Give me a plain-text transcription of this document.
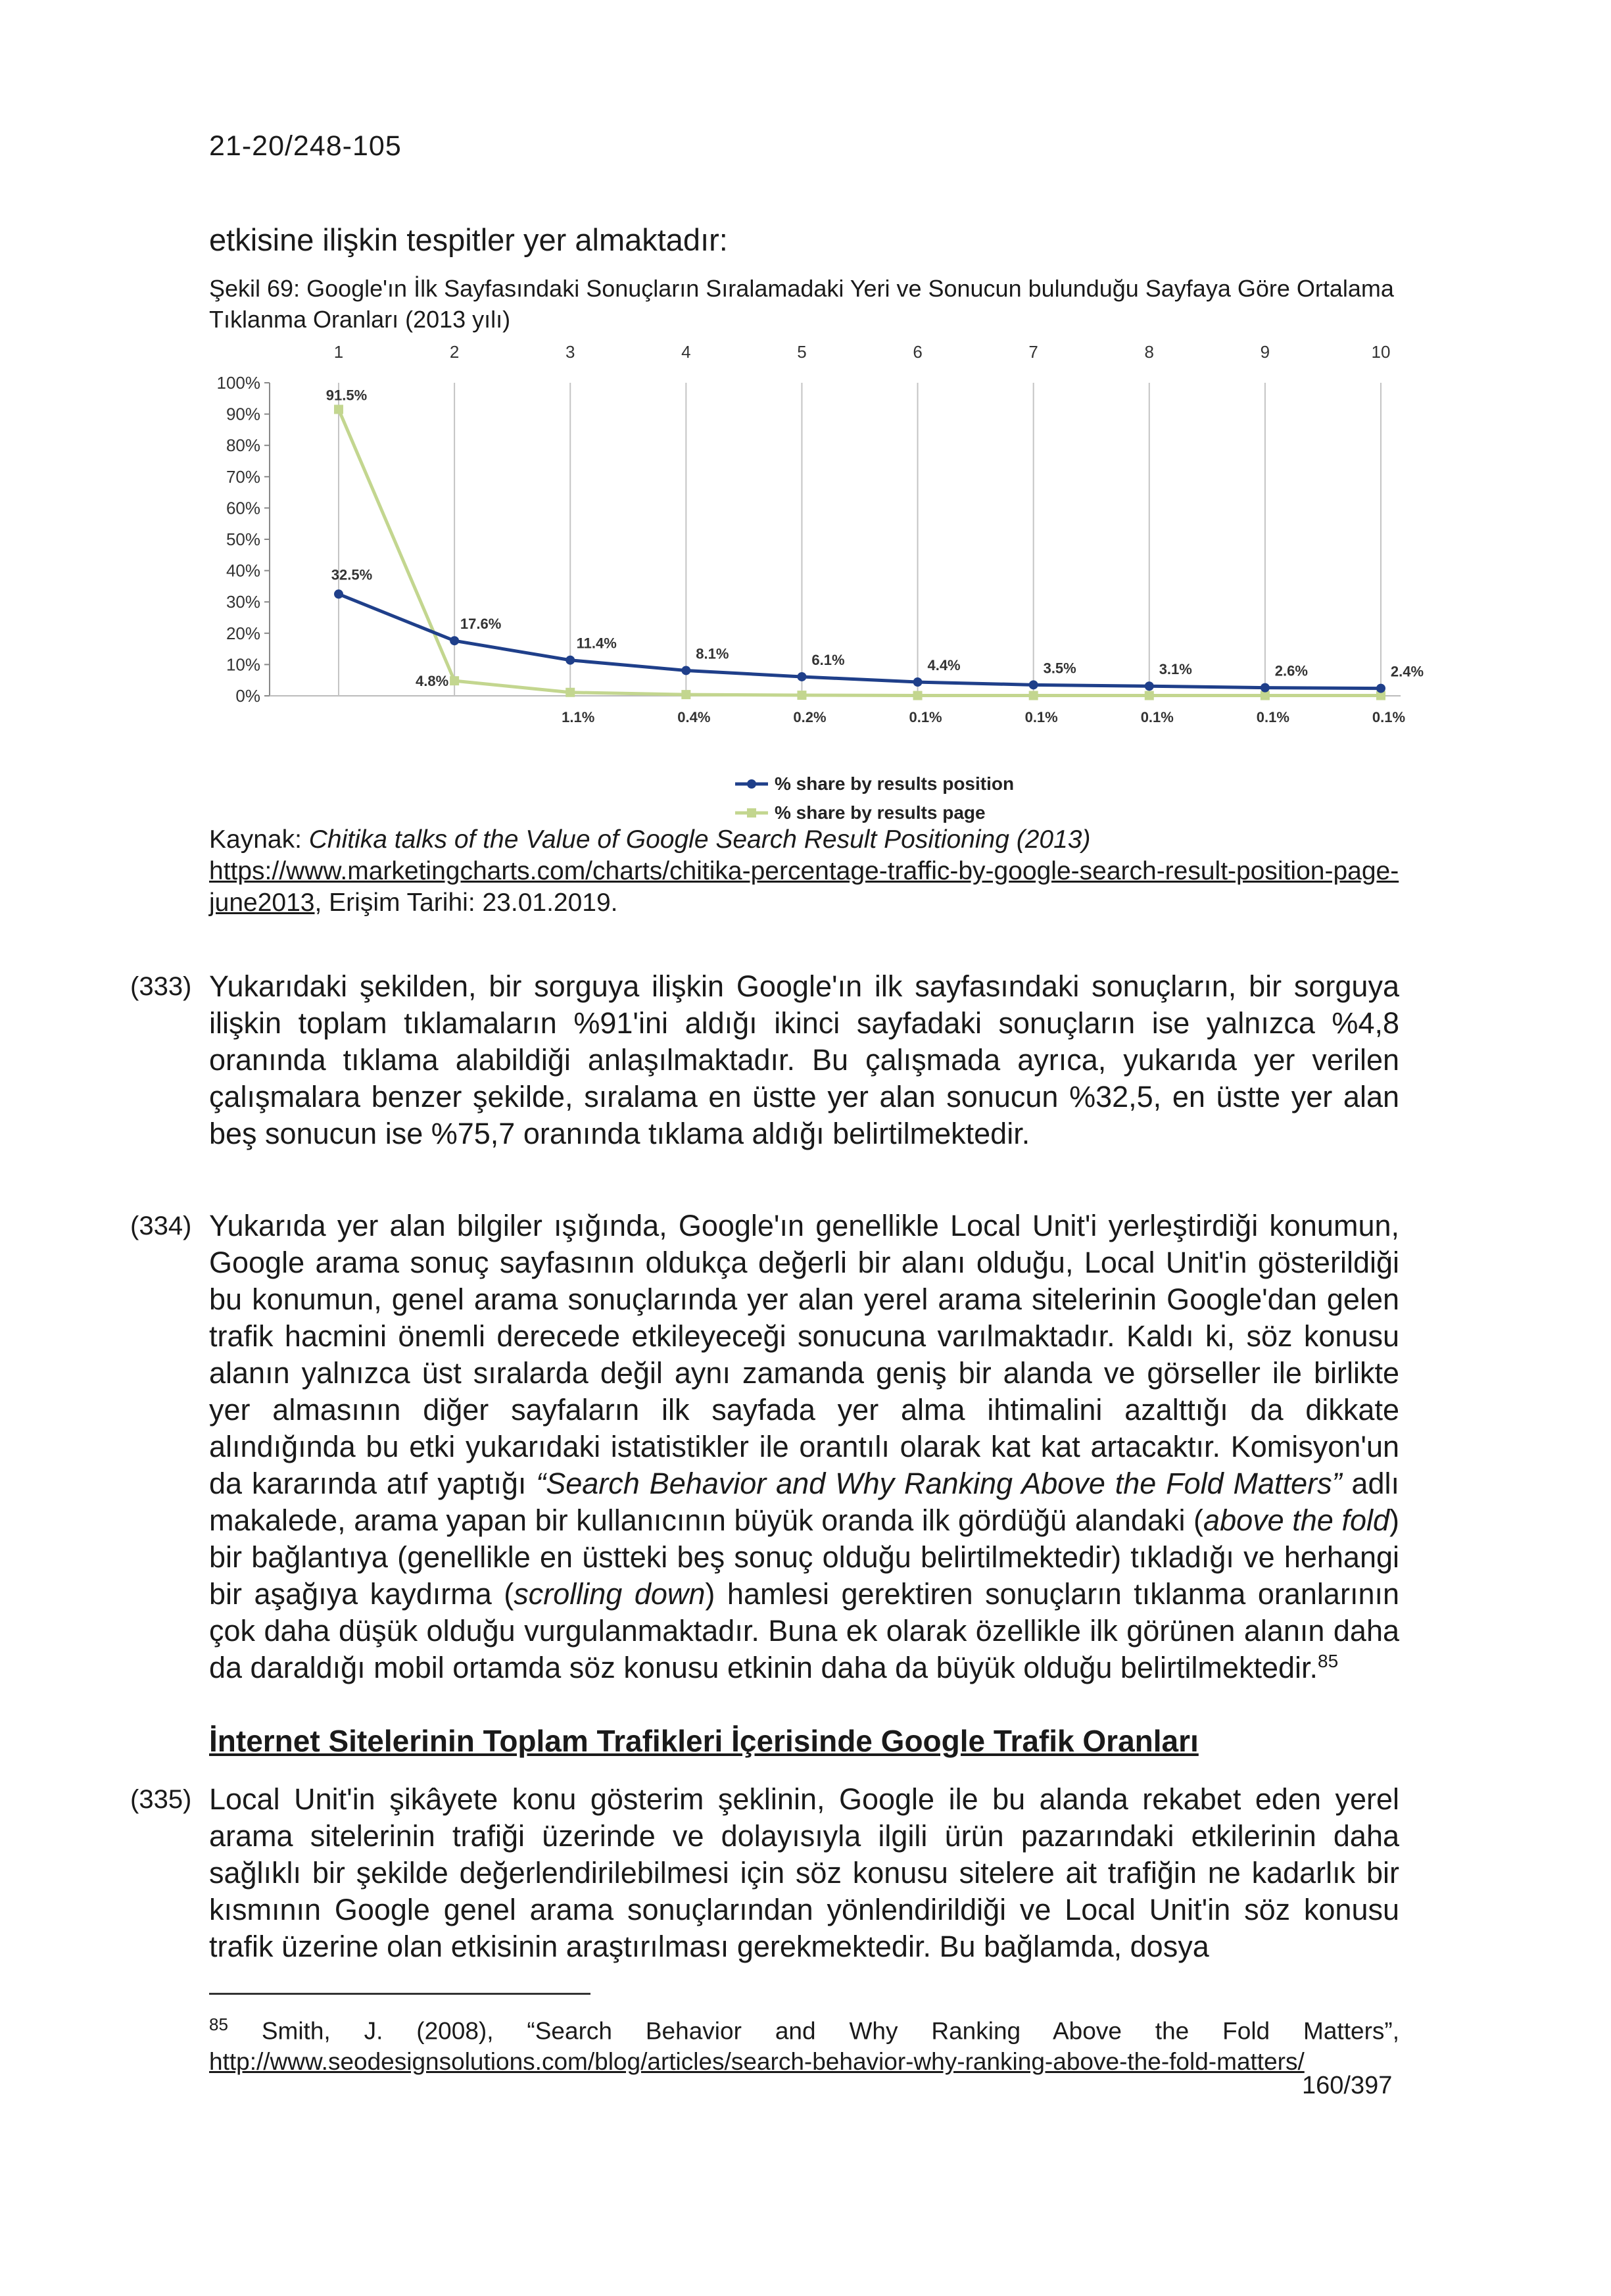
21-20/248-105
etkisine ilişkin tespitler yer almaktadır:
Şekil 69: Google'ın İlk Sayfasındaki Sonuçların Sıralamadaki Yeri ve Sonucun bulunduğu Sayfaya Göre Ortalama Tıklanma Oranları (2013 yılı)
0%
10%
20%
30%
40%
50%
60%
70%
80%
90%
100%
1	2	3	4	5	6	7	8	9	10
91.5%
4.8%
1.1%	0.4%	0.2%	0.1%	0.1%	0.1%	0.1%	0.1%
32.5%
17.6%
11.4%
8.1%	6.1%	4.4%	3.5%	3.1%	2.6%	2.4%
% share by results position
% share by results page
Kaynak: Chitika talks of the Value of Google Search Result Positioning (2013) https://www.marketingcharts.com/charts/chitika-percentage-traffic-by-google-search-result-position-page-june2013, Erişim Tarihi: 23.01.2019.
(333) Yukarıdaki şekilden, bir sorguya ilişkin Google'ın ilk sayfasındaki sonuçların, bir sorguya ilişkin toplam tıklamaların %91'ini aldığı ikinci sayfadaki sonuçların ise yalnızca %4,8 oranında tıklama alabildiği anlaşılmaktadır. Bu çalışmada ayrıca, yukarıda yer verilen çalışmalara benzer şekilde, sıralama en üstte yer alan sonucun %32,5, en üstte yer alan beş sonucun ise %75,7 oranında tıklama aldığı belirtilmektedir.
(334) Yukarıda yer alan bilgiler ışığında, Google'ın genellikle Local Unit'i yerleştirdiği konumun, Google arama sonuç sayfasının oldukça değerli bir alanı olduğu, Local Unit'in gösterildiği bu konumun, genel arama sonuçlarında yer alan yerel arama sitelerinin Google'dan gelen trafik hacmini önemli derecede etkileyeceği sonucuna varılmaktadır. Kaldı ki, söz konusu alanın yalnızca üst sıralarda değil aynı zamanda geniş bir alanda ve görseller ile birlikte yer almasının diğer sayfaların ilk sayfada yer alma ihtimalini azalttığı da dikkate alındığında bu etki yukarıdaki istatistikler ile orantılı olarak kat kat artacaktır. Komisyon'un da kararında atıf yaptığı “Search Behavior and Why Ranking Above the Fold Matters” adlı makalede, arama yapan bir kullanıcının büyük oranda ilk gördüğü alandaki (above the fold) bir bağlantıya (genellikle en üstteki beş sonuç olduğu belirtilmektedir) tıkladığı ve herhangi bir aşağıya kaydırma (scrolling down) hamlesi gerektiren sonuçların tıklanma oranlarının çok daha düşük olduğu vurgulanmaktadır. Buna ek olarak özellikle ilk görünen alanın daha da daraldığı mobil ortamda söz konusu etkinin daha da büyük olduğu belirtilmektedir.$^{85}$
İnternet Sitelerinin Toplam Trafikleri İçerisinde Google Trafik Oranları
(335) Local Unit'in şikâyete konu gösterim şeklinin, Google ile bu alanda rekabet eden yerel arama sitelerinin trafiği üzerinde ve dolayısıyla ilgili ürün pazarındaki etkilerinin daha sağlıklı bir şekilde değerlendirilebilmesi için söz konusu sitelere ait trafiğin ne kadarlık bir kısmının Google genel arama sonuçlarından yönlendirildiği ve Local Unit'in söz konusu trafik üzerine olan etkisinin araştırılması gerekmektedir. Bu bağlamda, dosya
$^{85}$ Smith, J. (2008), “Search Behavior and Why Ranking Above the Fold Matters”, http://www.seodesignsolutions.com/blog/articles/search-behavior-why-ranking-above-the-fold-matters/
160/397
